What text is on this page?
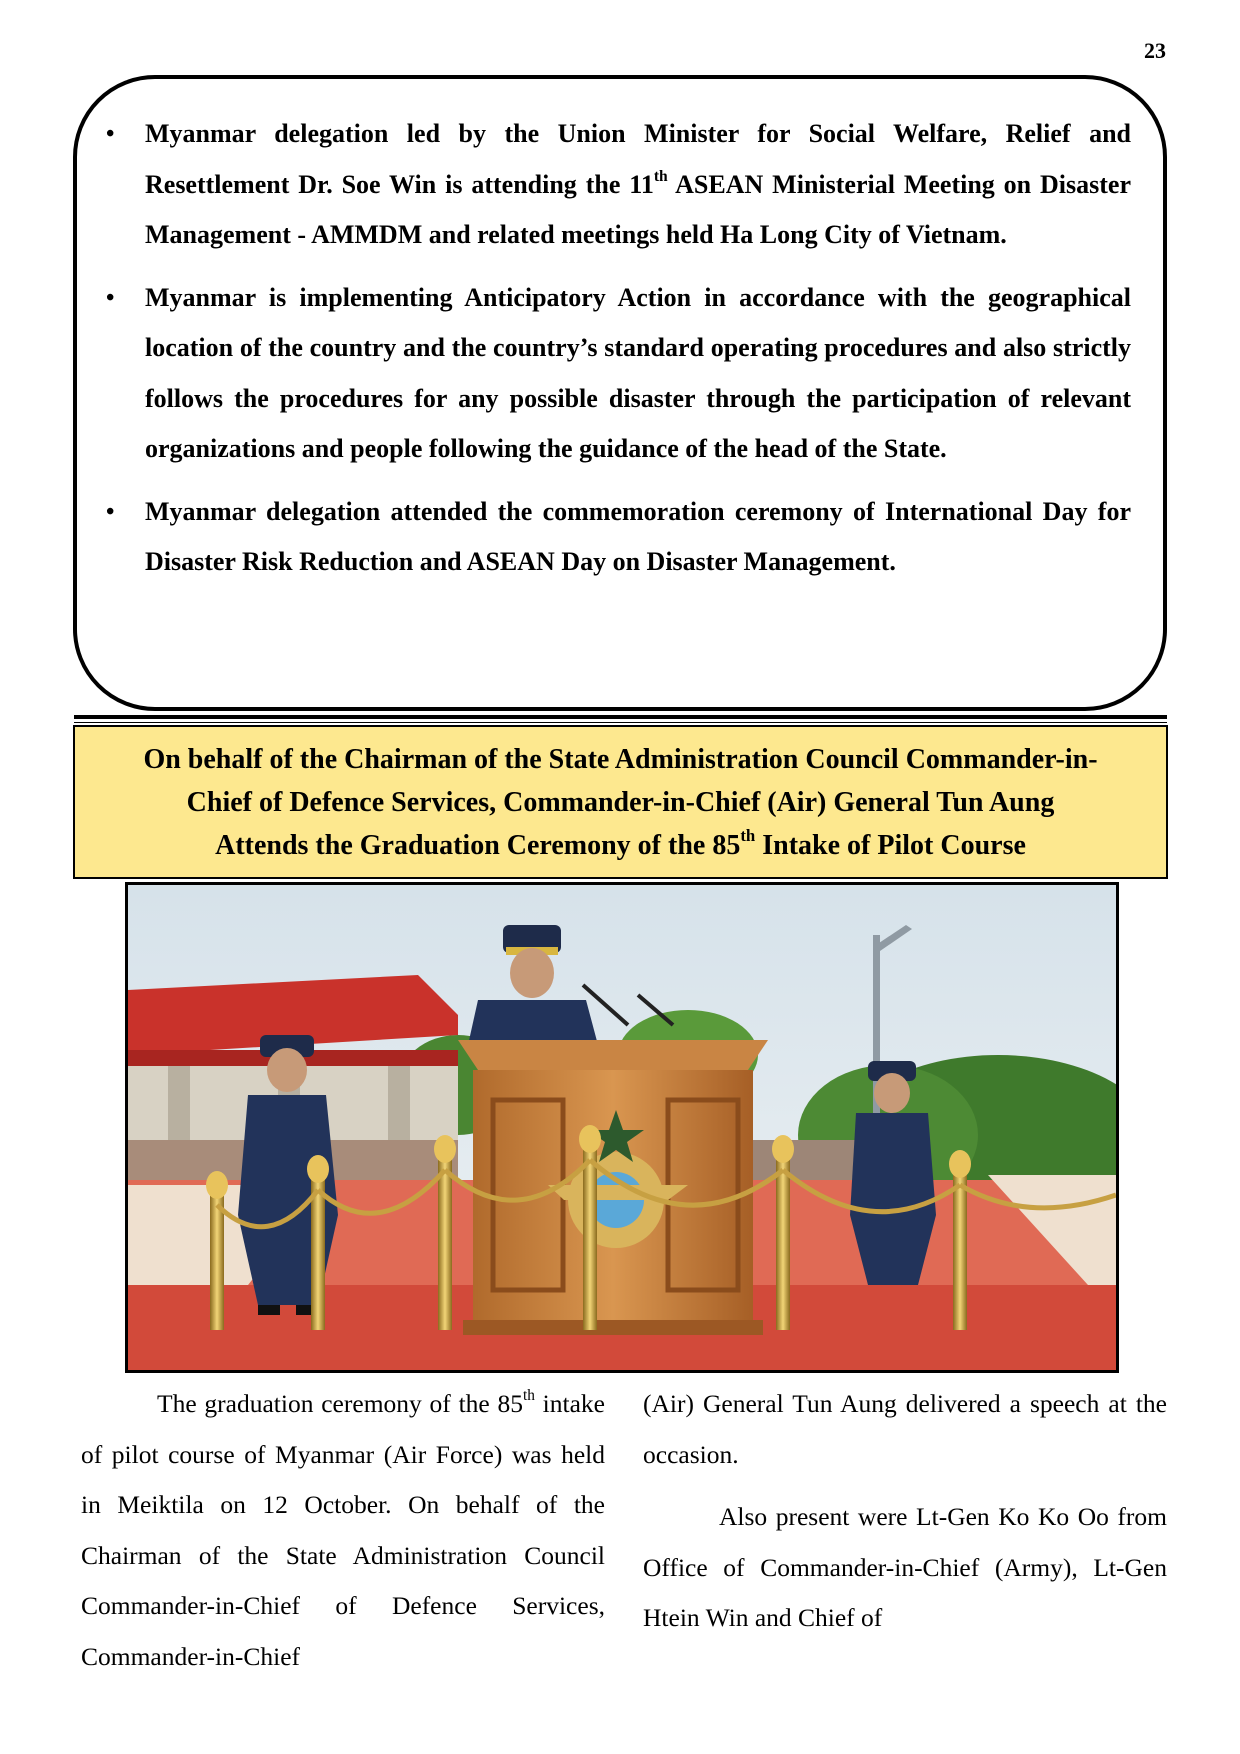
23
• Myanmar delegation led by the Union Minister for Social Welfare, Relief and Resettlement Dr. Soe Win is attending the 11th ASEAN Ministerial Meeting on Disaster Management - AMMDM and related meetings held Ha Long City of Vietnam.
• Myanmar is implementing Anticipatory Action in accordance with the geographical location of the country and the country’s standard operating procedures and also strictly follows the procedures for any possible disaster through the participation of relevant organizations and people following the guidance of the head of the State.
• Myanmar delegation attended the commemoration ceremony of International Day for Disaster Risk Reduction and ASEAN Day on Disaster Management.
On behalf of the Chairman of the State Administration Council Commander-in-
Chief of Defence Services, Commander-in-Chief (Air) General Tun Aung
Attends the Graduation Ceremony of the 85th Intake of Pilot Course

The graduation ceremony of the 85th intake of pilot course of Myanmar (Air Force) was held in Meiktila on 12 October. On behalf of the Chairman of the State Administration Council Commander-in-Chief of Defence Services, Commander-in-Chief

(Air) General Tun Aung delivered a speech at the occasion.

Also present were Lt-Gen Ko Ko Oo from Office of Commander-in-Chief (Army), Lt-Gen Htein Win and Chief of
